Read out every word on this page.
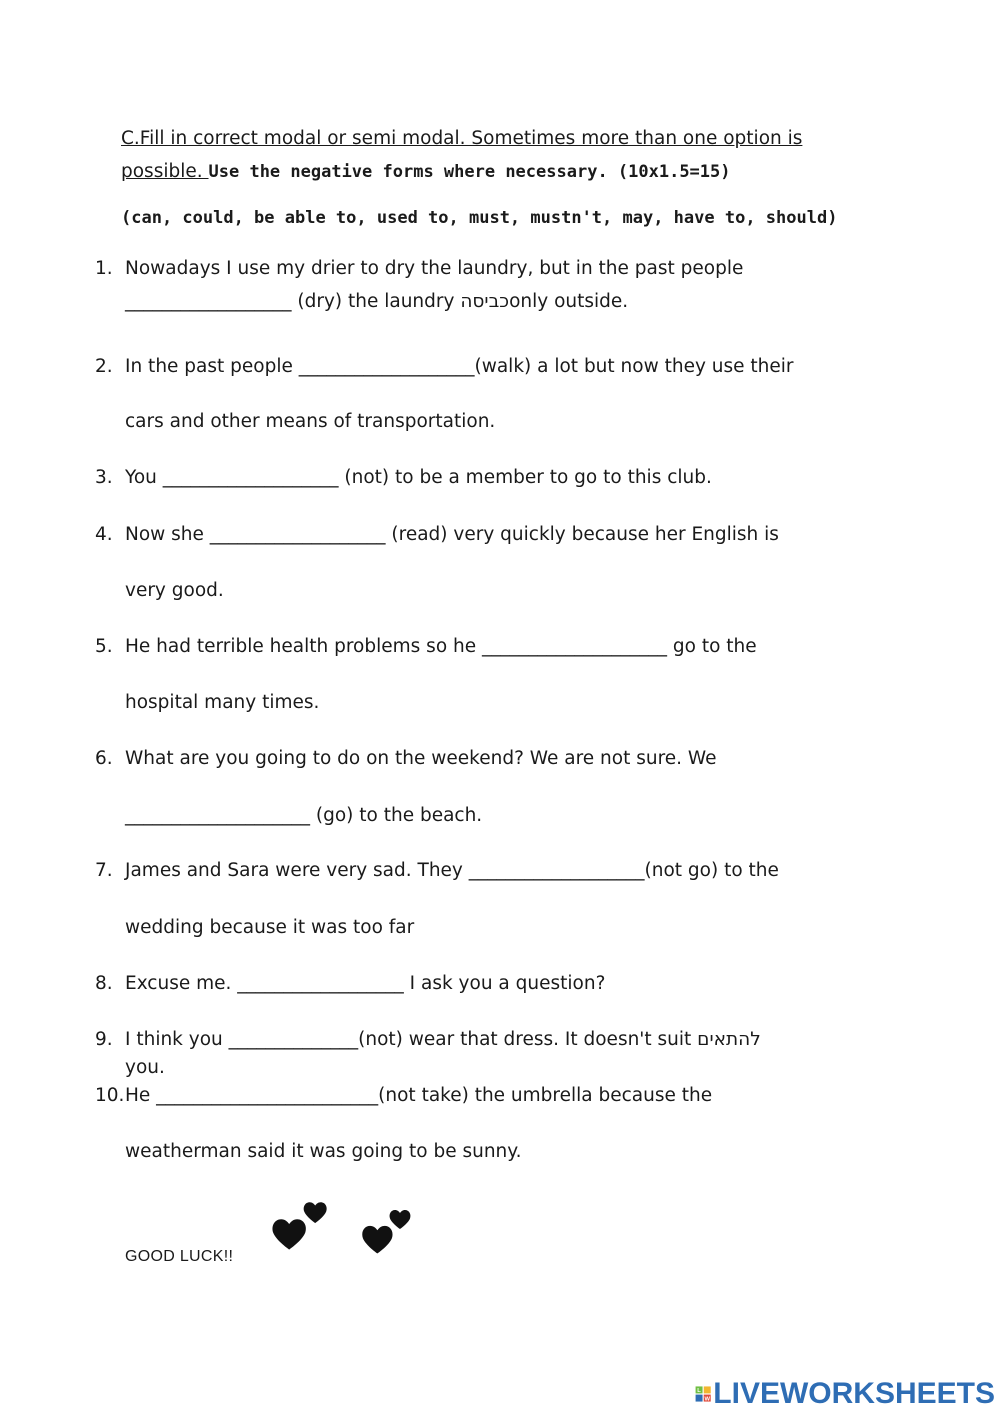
C.Fill in correct modal or semi modal. Sometimes more than one option is possible. Use the negative forms where necessary. (10x1.5=15)
(can, could, be able to, used to, must, mustn't, may, have to, should)
1. Nowadays I use my drier to dry the laundry, but in the past people
__________________ (dry) the laundry כביסהonly outside.
2. In the past people ___________________(walk) a lot but now they use their
cars and other means of transportation.
3. You ___________________ (not) to be a member to go to this club.
4. Now she ___________________ (read) very quickly because her English is
very good.
5. He had terrible health problems so he ____________________ go to the
hospital many times.
6. What are you going to do on the weekend? We are not sure. We
____________________ (go) to the beach.
7. James and Sara were very sad. They ___________________(not go) to the
wedding because it was too far
8. Excuse me. __________________ I ask you a question?
9. I think you ______________(not) wear that dress. It doesn't suit להתאים
you.
10. He ________________________(not take) the umbrella because the
weatherman said it was going to be sunny.
GOOD LUCK!!
L
W LIVEWORKSHEETS
